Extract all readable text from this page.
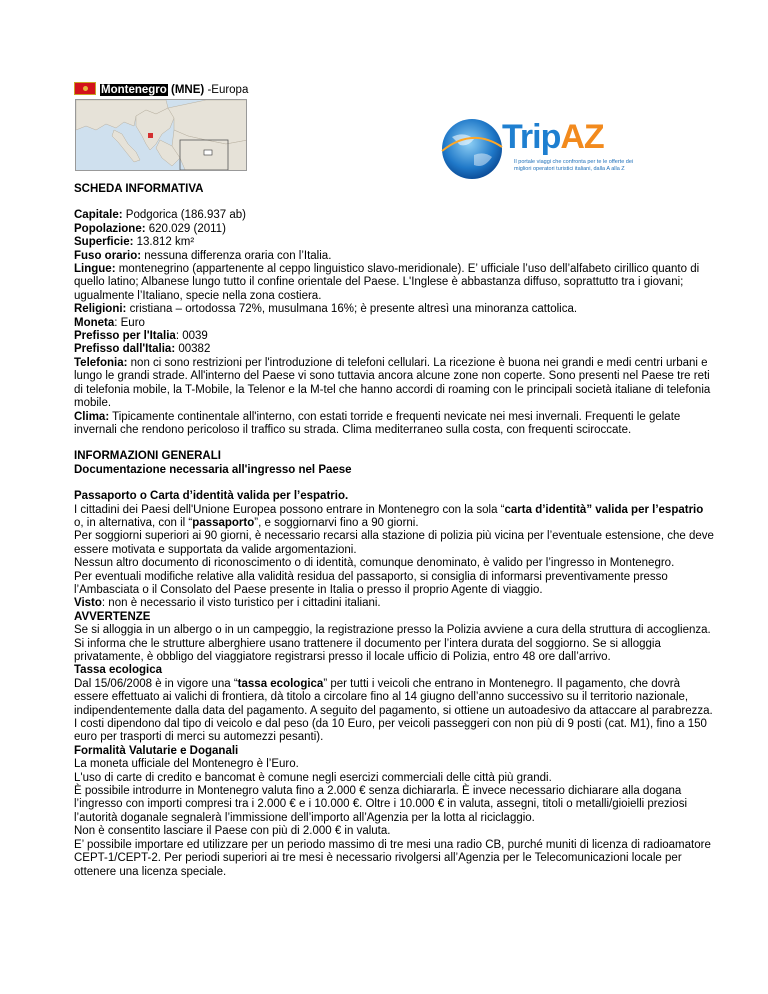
Montenegro (MNE) -Europa
TripAZ
Il portale viaggi che confronta per te le offerte dei
migliori operatori turistici italiani, dalla A alla Z

SCHEDA INFORMATIVA

Capitale: Podgorica (186.937 ab)

Popolazione: 620.029 (2011)

Superficie: 13.812 km²

Fuso orario: nessuna differenza oraria con l’Italia.

Lingue: montenegrino (appartenente al ceppo linguistico slavo-meridionale). E’ ufficiale l’uso dell’alfabeto cirillico quanto di quello latino; Albanese lungo tutto il confine orientale del Paese. L'Inglese è abbastanza diffuso, soprattutto tra i giovani; ugualmente l’Italiano, specie nella zona costiera.

Religioni: cristiana – ortodossa 72%, musulmana 16%; è presente altresì una minoranza cattolica.

Moneta: Euro

Prefisso per l'Italia: 0039

Prefisso dall'Italia: 00382

Telefonia: non ci sono restrizioni per l'introduzione di telefoni cellulari. La ricezione è buona nei grandi e medi centri urbani e lungo le grandi strade. All'interno del Paese vi sono tuttavia ancora alcune zone non coperte. Sono presenti nel Paese tre reti di telefonia mobile, la T-Mobile, la Telenor e la M-tel che hanno accordi di roaming con le principali società italiane di telefonia mobile.

Clima: Tipicamente continentale all'interno, con estati torride e frequenti nevicate nei mesi invernali. Frequenti le gelate invernali che rendono pericoloso il traffico su strada. Clima mediterraneo sulla costa, con frequenti sciroccate.

INFORMAZIONI GENERALI

Documentazione necessaria all'ingresso nel Paese

Passaporto o Carta d’identità valida per l’espatrio.

I cittadini dei Paesi dell'Unione Europea possono entrare in Montenegro con la sola “carta d’identità” valida per l’espatrio o, in alternativa, con il “passaporto”, e soggiornarvi fino a 90 giorni.

Per soggiorni superiori ai 90 giorni, è necessario recarsi alla stazione di polizia più vicina per l’eventuale estensione, che deve essere motivata e supportata da valide argomentazioni.

Nessun altro documento di riconoscimento o di identità, comunque denominato, è valido per l’ingresso in Montenegro.

Per eventuali modifiche relative alla validità residua del passaporto, si consiglia di informarsi preventivamente presso l’Ambasciata o il Consolato del Paese presente in Italia o presso il proprio Agente di viaggio.

Visto: non è necessario il visto turistico per i cittadini italiani.

AVVERTENZE

Se si alloggia in un albergo o in un campeggio, la registrazione presso la Polizia avviene a cura della struttura di accoglienza. Si informa che le strutture alberghiere usano trattenere il documento per l’intera durata del soggiorno. Se si alloggia privatamente, è obbligo del viaggiatore registrarsi presso il locale ufficio di Polizia, entro 48 ore dall’arrivo.

Tassa ecologica

Dal 15/06/2008 è in vigore una “tassa ecologica” per tutti i veicoli che entrano in Montenegro. Il pagamento, che dovrà essere effettuato ai valichi di frontiera, dà titolo a circolare fino al 14 giugno dell’anno successivo su il territorio nazionale, indipendentemente dalla data del pagamento. A seguito del pagamento, si ottiene un autoadesivo da attaccare al parabrezza. I costi dipendono dal tipo di veicolo e dal peso (da 10 Euro, per veicoli passeggeri con non più di 9 posti (cat. M1), fino a 150 euro per trasporti di merci su automezzi pesanti).

Formalità Valutarie e Doganali

La moneta ufficiale del Montenegro è l’Euro.

L'uso di carte di credito e bancomat è comune negli esercizi commerciali delle città più grandi.

È possibile introdurre in Montenegro valuta fino a 2.000 € senza dichiararla. È invece necessario dichiarare alla dogana l’ingresso con importi compresi tra i 2.000 € e i 10.000 €. Oltre i 10.000 € in valuta, assegni, titoli o metalli/gioielli preziosi l’autorità doganale segnalerà l’immissione dell’importo all’Agenzia per la lotta al riciclaggio.

Non è consentito lasciare il Paese con più di 2.000 € in valuta.

E’ possibile importare ed utilizzare per un periodo massimo di tre mesi una radio CB, purché muniti di licenza di radioamatore CEPT-1/CEPT-2. Per periodi superiori ai tre mesi è necessario rivolgersi all’Agenzia per le Telecomunicazioni locale per ottenere una licenza speciale.
